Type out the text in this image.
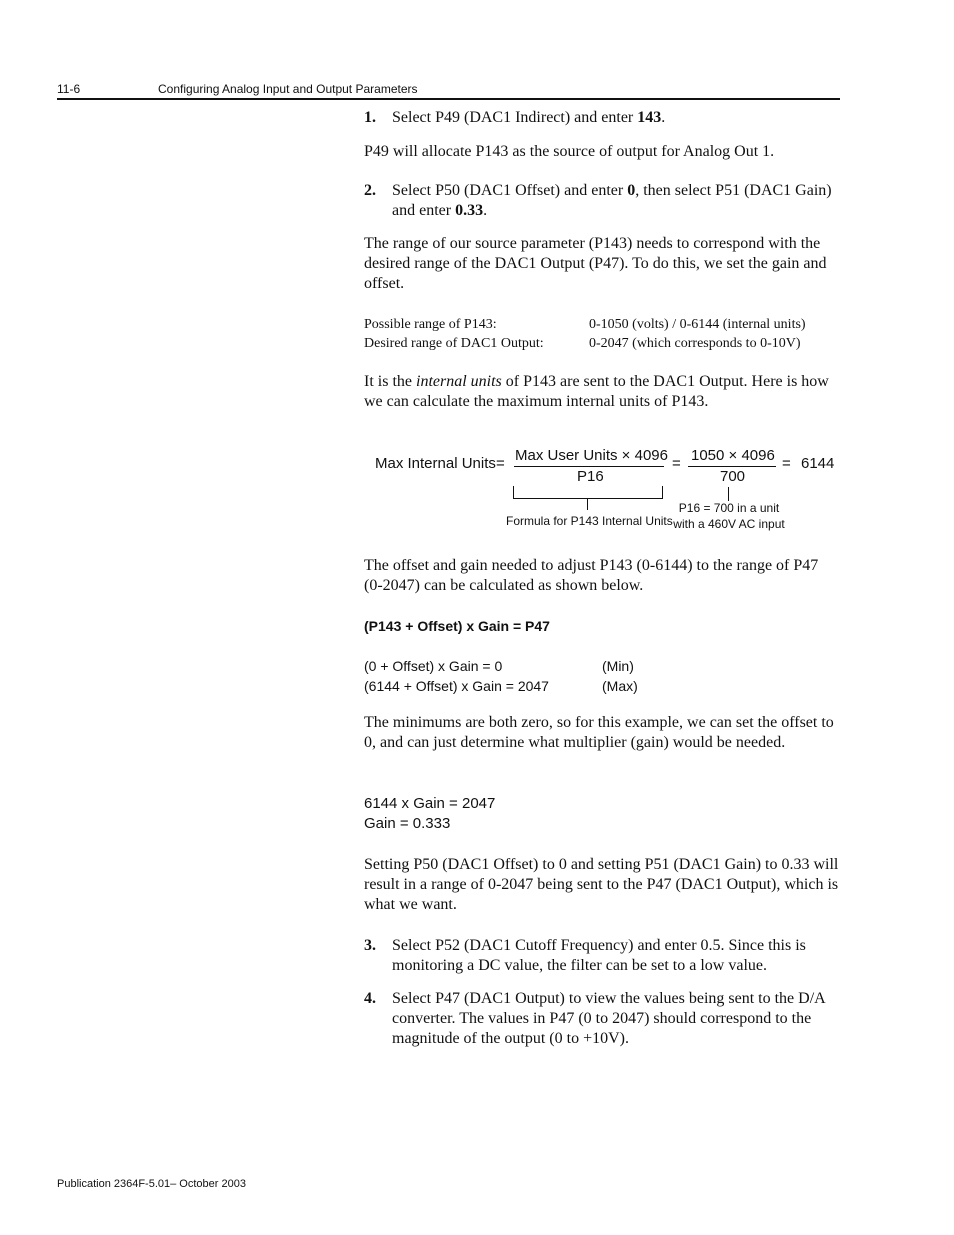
11-6	Configuring Analog Input and Output Parameters
1. Select P49 (DAC1 Indirect) and enter 143.
P49 will allocate P143 as the source of output for Analog Out 1.
2. Select P50 (DAC1 Offset) and enter 0, then select P51 (DAC1 Gain) and enter 0.33.
The range of our source parameter (P143) needs to correspond with the desired range of the DAC1 Output (P47). To do this, we set the gain and offset.
Possible range of P143:	0-1050 (volts) / 0-6144 (internal units)
Desired range of DAC1 Output:	0-2047 (which corresponds to 0-10V)
It is the internal units of P143 are sent to the DAC1 Output. Here is how we can calculate the maximum internal units of P143.
Max Internal Units = Max User Units × 4096
P16
= 1050 × 4096
700
= 6144
Formula for P143 Internal Units
P16 = 700 in a unit
with a 460V AC input
The offset and gain needed to adjust P143 (0-6144) to the range of P47 (0-2047) can be calculated as shown below.
(P143 + Offset) x Gain = P47
(0 + Offset) x Gain = 0	(Min)
(6144 + Offset) x Gain = 2047	(Max)
The minimums are both zero, so for this example, we can set the offset to 0, and can just determine what multiplier (gain) would be needed.
6144 x Gain = 2047
Gain = 0.333
Setting P50 (DAC1 Offset) to 0 and setting P51 (DAC1 Gain) to 0.33 will result in a range of 0-2047 being sent to the P47 (DAC1 Output), which is what we want.
3. Select P52 (DAC1 Cutoff Frequency) and enter 0.5. Since this is monitoring a DC value, the filter can be set to a low value.
4. Select P47 (DAC1 Output) to view the values being sent to the D/A converter. The values in P47 (0 to 2047) should correspond to the magnitude of the output (0 to +10V).
Publication 2364F-5.01– October 2003
